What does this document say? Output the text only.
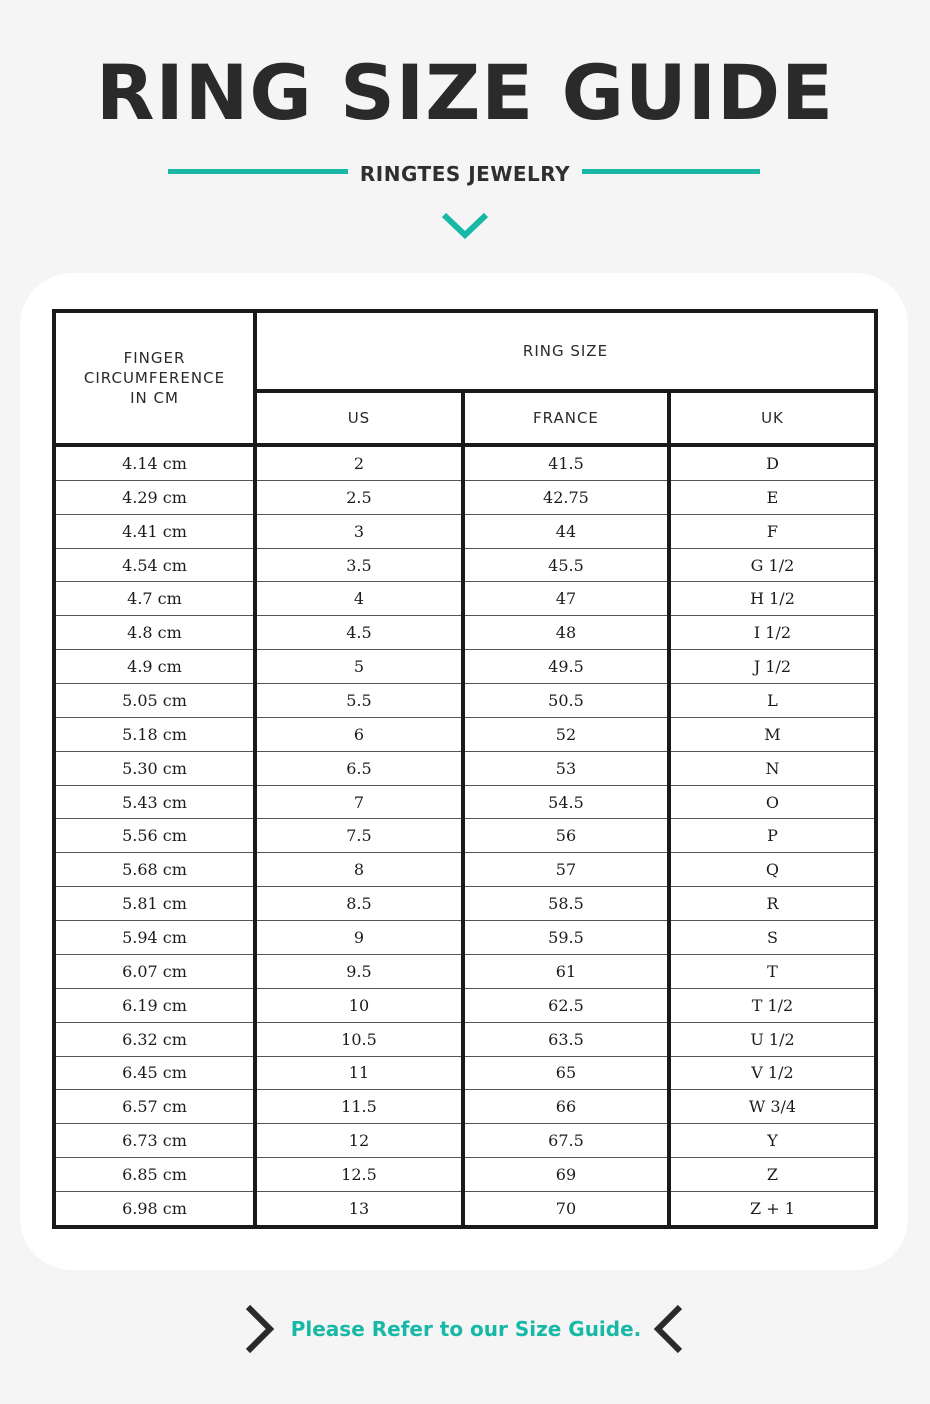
RING SIZE GUIDE
RINGTES JEWELRY
FINGER CIRCUMFERENCE IN CM	RING SIZE		
	US	FRANCE	UK
4.14 cm	2	41.5	D
4.29 cm	2.5	42.75	E
4.41 cm	3	44	F
4.54 cm	3.5	45.5	G 1/2
4.7 cm	4	47	H 1/2
4.8 cm	4.5	48	I 1/2
4.9 cm	5	49.5	J 1/2
5.05 cm	5.5	50.5	L
5.18 cm	6	52	M
5.30 cm	6.5	53	N
5.43 cm	7	54.5	O
5.56 cm	7.5	56	P
5.68 cm	8	57	Q
5.81 cm	8.5	58.5	R
5.94 cm	9	59.5	S
6.07 cm	9.5	61	T
6.19 cm	10	62.5	T 1/2
6.32 cm	10.5	63.5	U 1/2
6.45 cm	11	65	V 1/2
6.57 cm	11.5	66	W 3/4
6.73 cm	12	67.5	Y
6.85 cm	12.5	69	Z
6.98 cm	13	70	Z + 1
Please Refer to our Size Guide.
